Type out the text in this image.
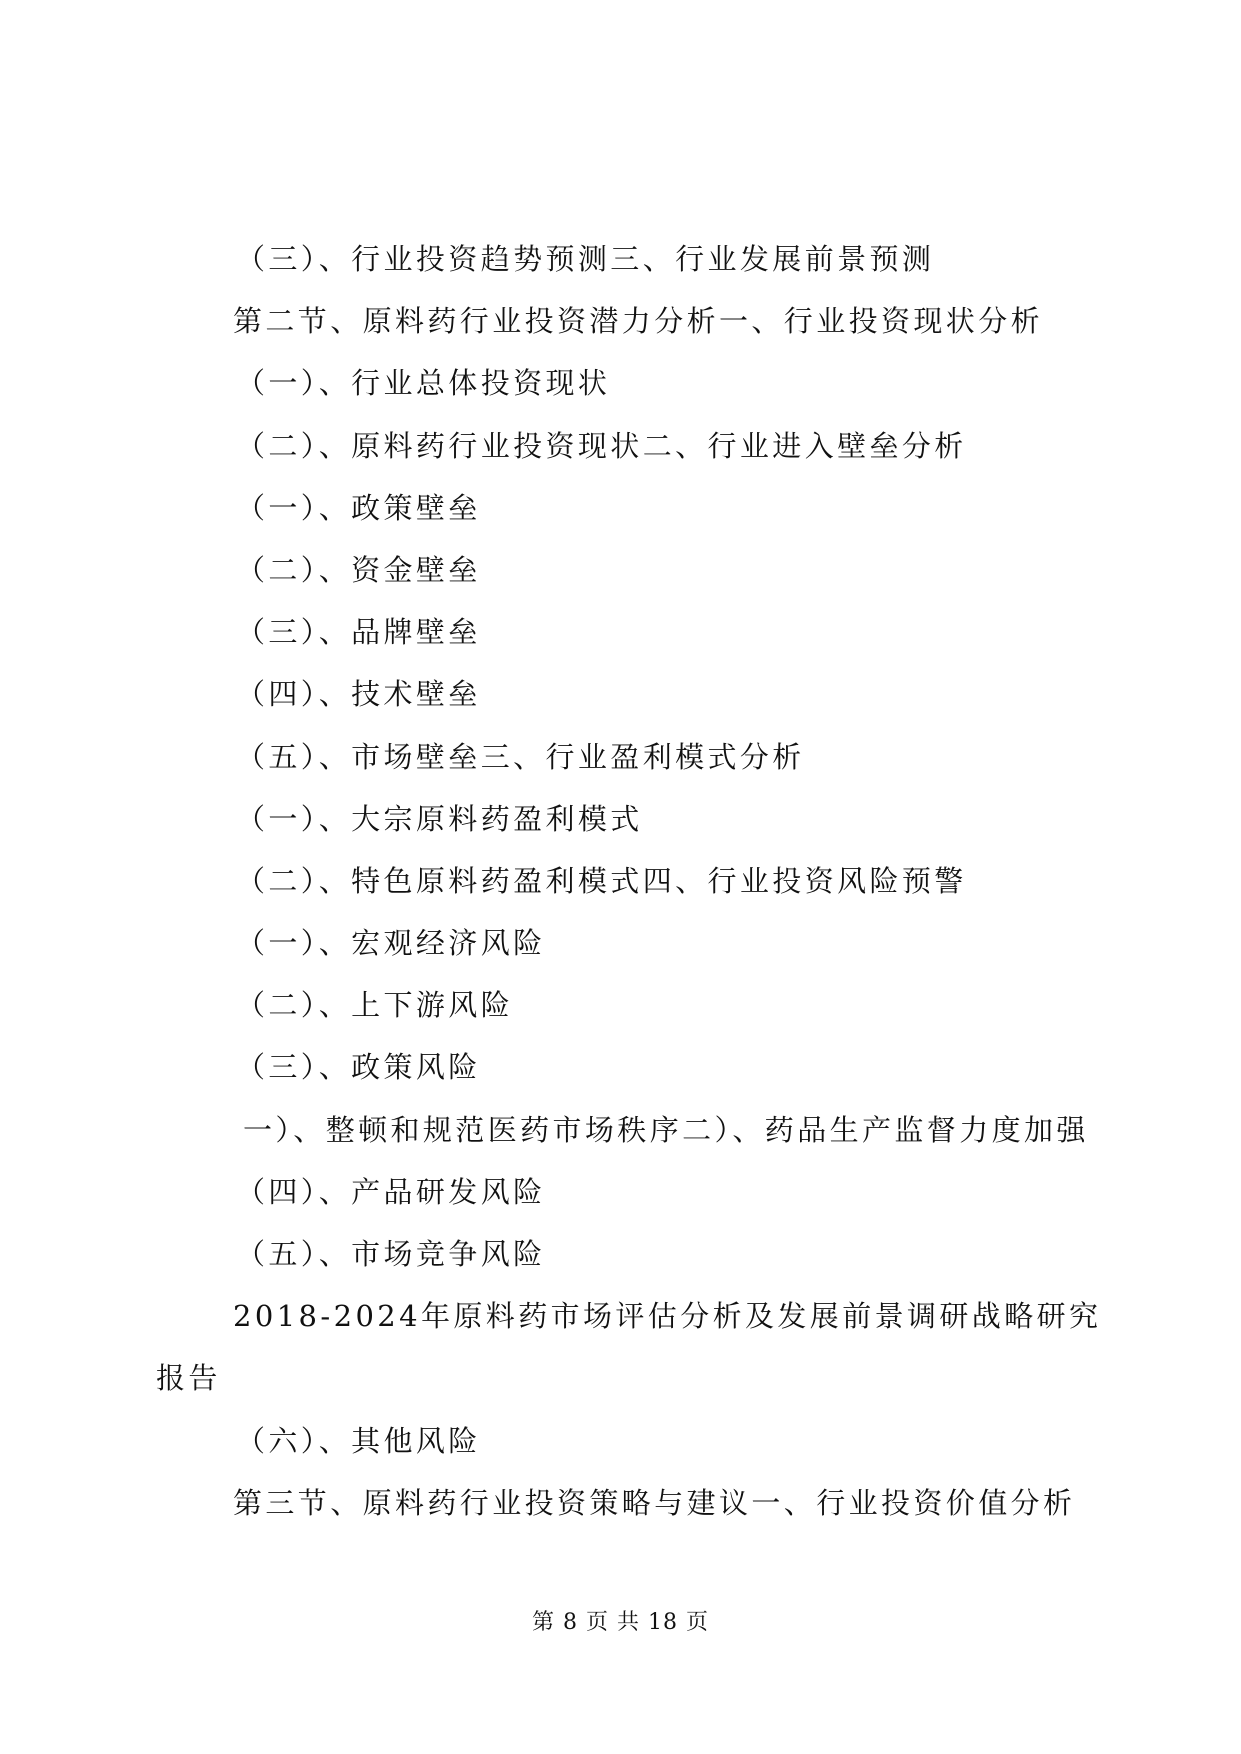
（三）、行业投资趋势预测三、行业发展前景预测
第二节、原料药行业投资潜力分析一、行业投资现状分析
（一）、行业总体投资现状
（二）、原料药行业投资现状二、行业进入壁垒分析
（一）、政策壁垒
（二）、资金壁垒
（三）、品牌壁垒
（四）、技术壁垒
（五）、市场壁垒三、行业盈利模式分析
（一）、大宗原料药盈利模式
（二）、特色原料药盈利模式四、行业投资风险预警
（一）、宏观经济风险
（二）、上下游风险
（三）、政策风险
一）、整顿和规范医药市场秩序二）、药品生产监督力度加强
（四）、产品研发风险
（五）、市场竞争风险
2018-2024年原料药市场评估分析及发展前景调研战略研究
报告
（六）、其他风险
第三节、原料药行业投资策略与建议一、行业投资价值分析
第 8 页 共 18 页
